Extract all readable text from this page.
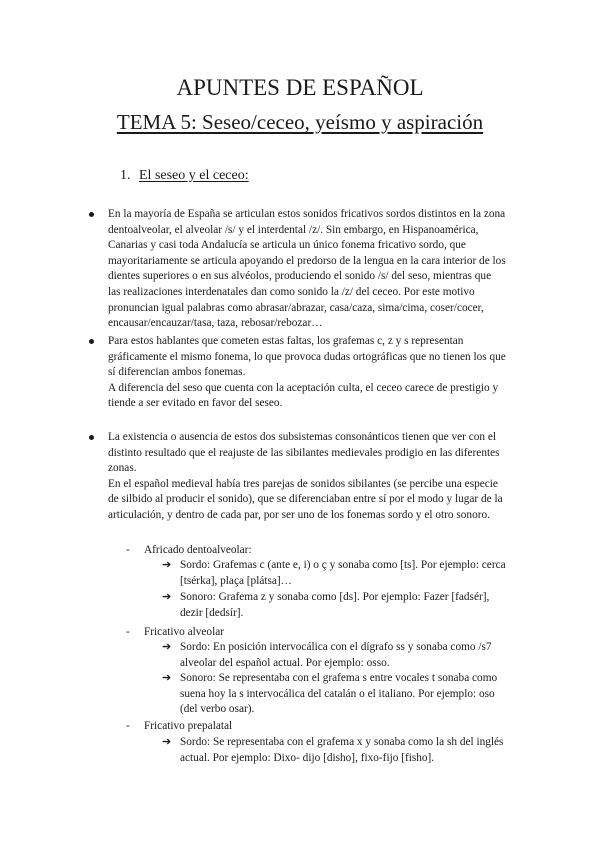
APUNTES DE ESPAÑOL
TEMA 5: Seseo/ceceo, yeísmo y aspiración
1. El seseo y el ceceo:

En la mayoría de España se articulan estos sonidos fricativos sordos distintos en la zona dentoalveolar, el alveolar /s/ y el interdental /z/. Sin embargo, en Hispanoamérica, Canarias y casi toda Andalucía se articula un único fonema fricativo sordo, que mayoritariamente se articula apoyando el predorso de la lengua en la cara interior de los dientes superiores o en sus alvéolos, produciendo el sonido /s/ del seso, mientras que las realizaciones interdenatales dan como sonido la /z/ del ceceo. Por este motivo pronuncian igual palabras como abrasar/abrazar, casa/caza, sima/cima, coser/cocer, encausar/encauzar/tasa, taza, rebosar/rebozar…

Para estos hablantes que cometen estas faltas, los grafemas c, z y s representan gráficamente el mismo fonema, lo que provoca dudas ortográficas que no tienen los que sí diferencian ambos fonemas.

A diferencia del seso que cuenta con la aceptación culta, el ceceo carece de prestigio y tiende a ser evitado en favor del seseo.

La existencia o ausencia de estos dos subsistemas consonánticos tienen que ver con el distinto resultado que el reajuste de las sibilantes medievales prodigio en las diferentes zonas.

En el español medieval había tres parejas de sonidos sibilantes (se percibe una especie de silbido al producir el sonido), que se diferenciaban entre sí por el modo y lugar de la articulación, y dentro de cada par, por ser uno de los fonemas sordo y el otro sonoro.

- Africado dentoalveolar:
➔ Sordo: Grafemas c (ante e, i) o ç y sonaba como [ts]. Por ejemplo: cerca [tsérka], plaça [plátsa]…
➔ Sonoro: Grafema z y sonaba como [ds]. Por ejemplo: Fazer [fadsér], dezir [dedsír].
- Fricativo alveolar
➔ Sordo: En posición intervocálica con el dígrafo ss y sonaba como /s7 alveolar del español actual. Por ejemplo: osso.
➔ Sonoro: Se representaba con el grafema s entre vocales t sonaba como suena hoy la s intervocálica del catalán o el italiano. Por ejemplo: oso (del verbo osar).
- Fricativo prepalatal
➔ Sordo: Se representaba con el grafema x y sonaba como la sh del inglés actual. Por ejemplo: Dixo- dijo [disho], fixo-fijo [fisho].
